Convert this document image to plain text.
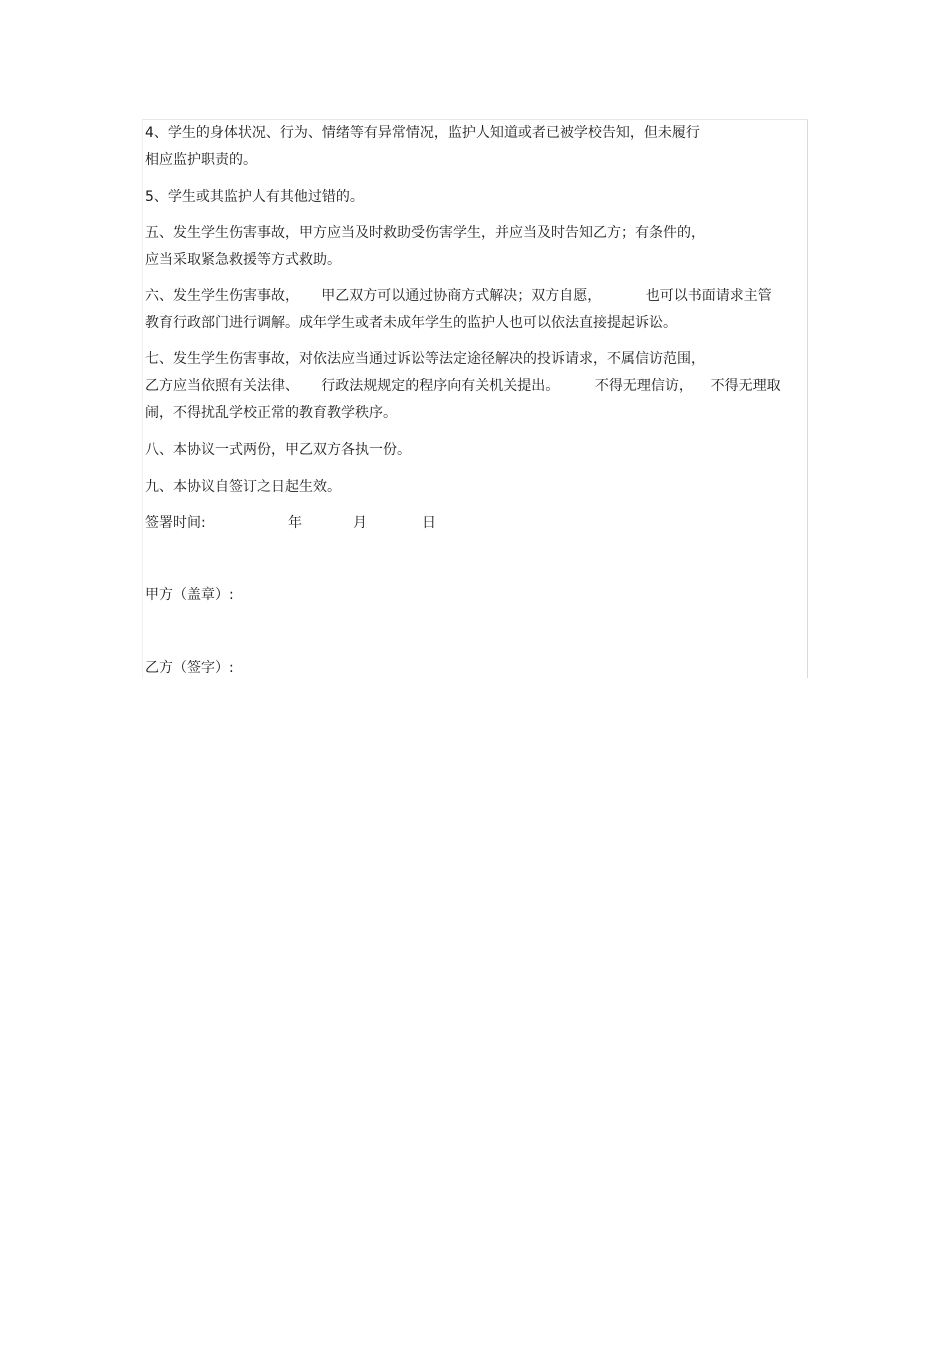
4、学生的身体状况、行为、情绪等有异常情况，监护人知道或者已被学校告知，但未履行
相应监护职责的。
5、学生或其监护人有其他过错的。
五、发生学生伤害事故，甲方应当及时救助受伤害学生，并应当及时告知乙方；有条件的，
应当采取紧急救援等方式救助。
六、发生学生伤害事故，     甲乙双方可以通过协商方式解决；双方自愿，          也可以书面请求主管
教育行政部门进行调解。成年学生或者未成年学生的监护人也可以依法直接提起诉讼。
七、发生学生伤害事故，对依法应当通过诉讼等法定途径解决的投诉请求，不属信访范围，
乙方应当依照有关法律、     行政法规规定的程序向有关机关提出。        不得无理信访，    不得无理取
闹，不得扰乱学校正常的教育教学秩序。
八、本协议一式两份，甲乙双方各执一份。
九、本协议自签订之日起生效。
签署时间:	年	月	日
甲方（盖章）:
乙方（签字）:
